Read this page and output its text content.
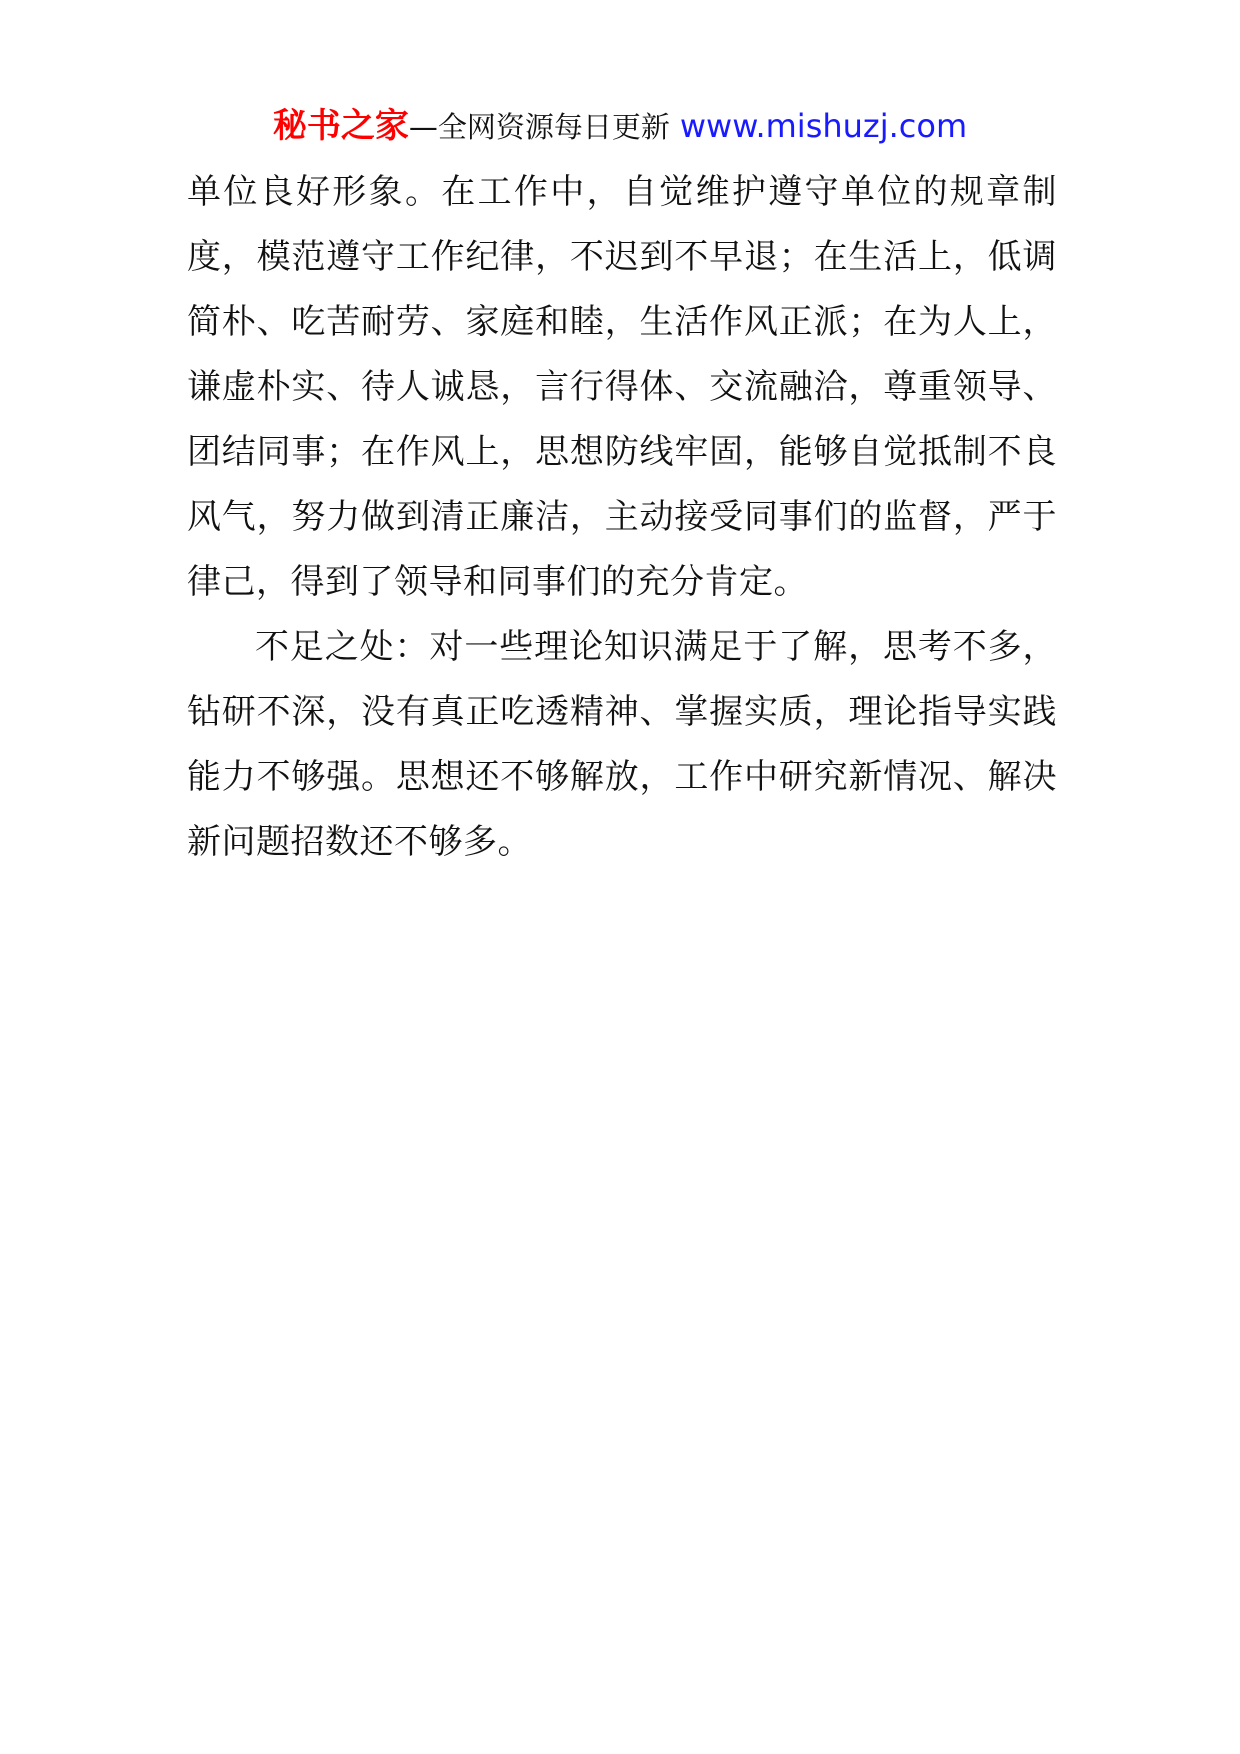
秘书之家—全网资源每日更新 www.mishuzj.com

单位良好形象。在工作中，自觉维护遵守单位的规章制度，模范遵守工作纪律，不迟到不早退；在生活上，低调简朴、吃苦耐劳、家庭和睦，生活作风正派；在为人上，谦虚朴实、待人诚恳，言行得体、交流融洽，尊重领导、团结同事；在作风上，思想防线牢固，能够自觉抵制不良风气，努力做到清正廉洁，主动接受同事们的监督，严于律己，得到了领导和同事们的充分肯定。

不足之处：对一些理论知识满足于了解，思考不多，钻研不深，没有真正吃透精神、掌握实质，理论指导实践能力不够强。思想还不够解放，工作中研究新情况、解决新问题招数还不够多。
